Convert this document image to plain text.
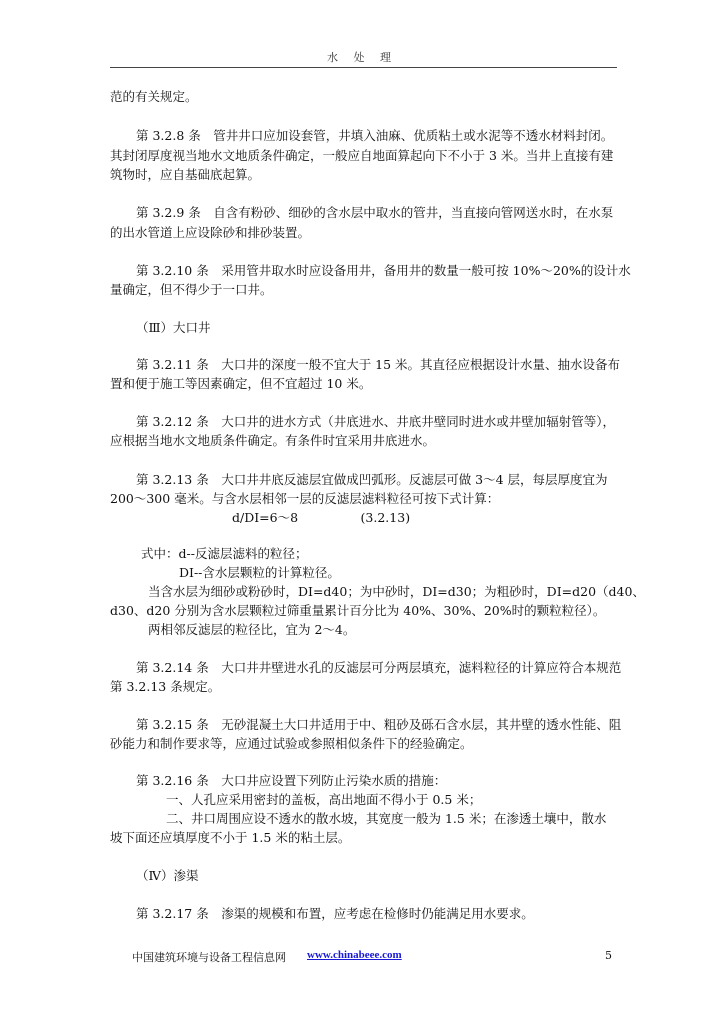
水 处 理
范的有关规定。
第 3.2.8 条　管井井口应加设套管，井填入油麻、优质粘土或水泥等不透水材料封闭。
其封闭厚度视当地水文地质条件确定，一般应自地面算起向下不小于 3 米。当井上直接有建
筑物时，应自基础底起算。
第 3.2.9 条　自含有粉砂、细砂的含水层中取水的管井，当直接向管网送水时，在水泵
的出水管道上应设除砂和排砂装置。
第 3.2.10 条　采用管井取水时应设备用井，备用井的数量一般可按 10%～20%的设计水
量确定，但不得少于一口井。
（Ⅲ）大口井
第 3.2.11 条　大口井的深度一般不宜大于 15 米。其直径应根据设计水量、抽水设备布
置和便于施工等因素确定，但不宜超过 10 米。
第 3.2.12 条　大口井的进水方式（井底进水、井底井壁同时进水或井壁加辐射管等），
应根据当地水文地质条件确定。有条件时宜采用井底进水。
第 3.2.13 条　大口井井底反滤层宜做成凹弧形。反滤层可做 3～4 层，每层厚度宜为
200～300 毫米。与含水层相邻一层的反滤层滤料粒径可按下式计算：
d/DI=6～8　　　　　(3.2.13)
式中：d--反滤层滤料的粒径；
DI--含水层颗粒的计算粒径。
当含水层为细砂或粉砂时，DI=d40；为中砂时，DI=d30；为粗砂时，DI=d20（d40、
d30、d20 分别为含水层颗粒过筛重量累计百分比为 40%、30%、20%时的颗粒粒径）。
两相邻反滤层的粒径比，宜为 2～4。
第 3.2.14 条　大口井井壁进水孔的反滤层可分两层填充，滤料粒径的计算应符合本规范
第 3.2.13 条规定。
第 3.2.15 条　无砂混凝土大口井适用于中、粗砂及砾石含水层，其井壁的透水性能、阻
砂能力和制作要求等，应通过试验或参照相似条件下的经验确定。
第 3.2.16 条　大口井应设置下列防止污染水质的措施：
一、人孔应采用密封的盖板，高出地面不得小于 0.5 米；
二、井口周围应设不透水的散水坡，其宽度一般为 1.5 米；在渗透土壤中，散水
坡下面还应填厚度不小于 1.5 米的粘土层。
（Ⅳ）渗渠
第 3.2.17 条　渗渠的规模和布置，应考虑在检修时仍能满足用水要求。
中国建筑环境与设备工程信息网 www.chinabeee.com	5
